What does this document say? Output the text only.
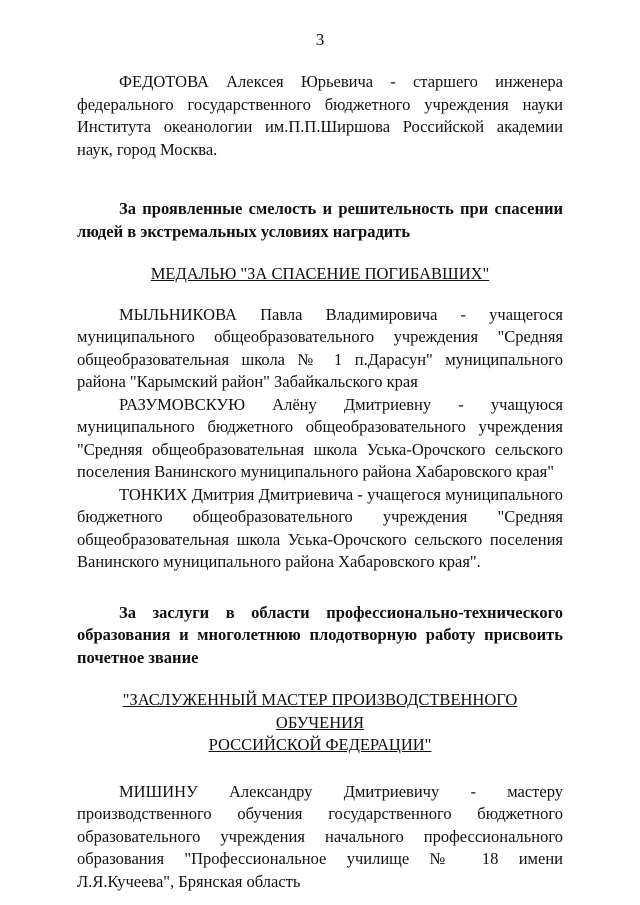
3

ФЕДОТОВА Алексея Юрьевича - старшего инженера федерального государственного бюджетного учреждения науки Института океанологии им.П.П.Ширшова Российской академии наук, город Москва.

За проявленные смелость и решительность при спасении людей в экстремальных условиях наградить

МЕДАЛЬЮ "ЗА СПАСЕНИЕ ПОГИБАВШИХ"

МЫЛЬНИКОВА Павла Владимировича - учащегося муниципального общеобразовательного учреждения "Средняя общеобразовательная школа № 1 п.Дарасун" муниципального района "Карымский район" Забайкальского края

РАЗУМОВСКУЮ Алёну Дмитриевну - учащуюся муниципального бюджетного общеобразовательного учреждения "Средняя общеобразовательная школа Уська-Орочского сельского поселения Ванинского муниципального района Хабаровского края"

ТОНКИХ Дмитрия Дмитриевича - учащегося муниципального бюджетного общеобразовательного учреждения "Средняя общеобразовательная школа Уська-Орочского сельского поселения Ванинского муниципального района Хабаровского края".

За заслуги в области профессионально-технического образования и многолетнюю плодотворную работу присвоить почетное звание

"ЗАСЛУЖЕННЫЙ МАСТЕР ПРОИЗВОДСТВЕННОГО ОБУЧЕНИЯ

РОССИЙСКОЙ ФЕДЕРАЦИИ"

МИШИНУ Александру Дмитриевичу - мастеру производственного обучения государственного бюджетного образовательного учреждения начального профессионального образования "Профессиональное училище № 18 имени Л.Я.Кучеева", Брянская область
